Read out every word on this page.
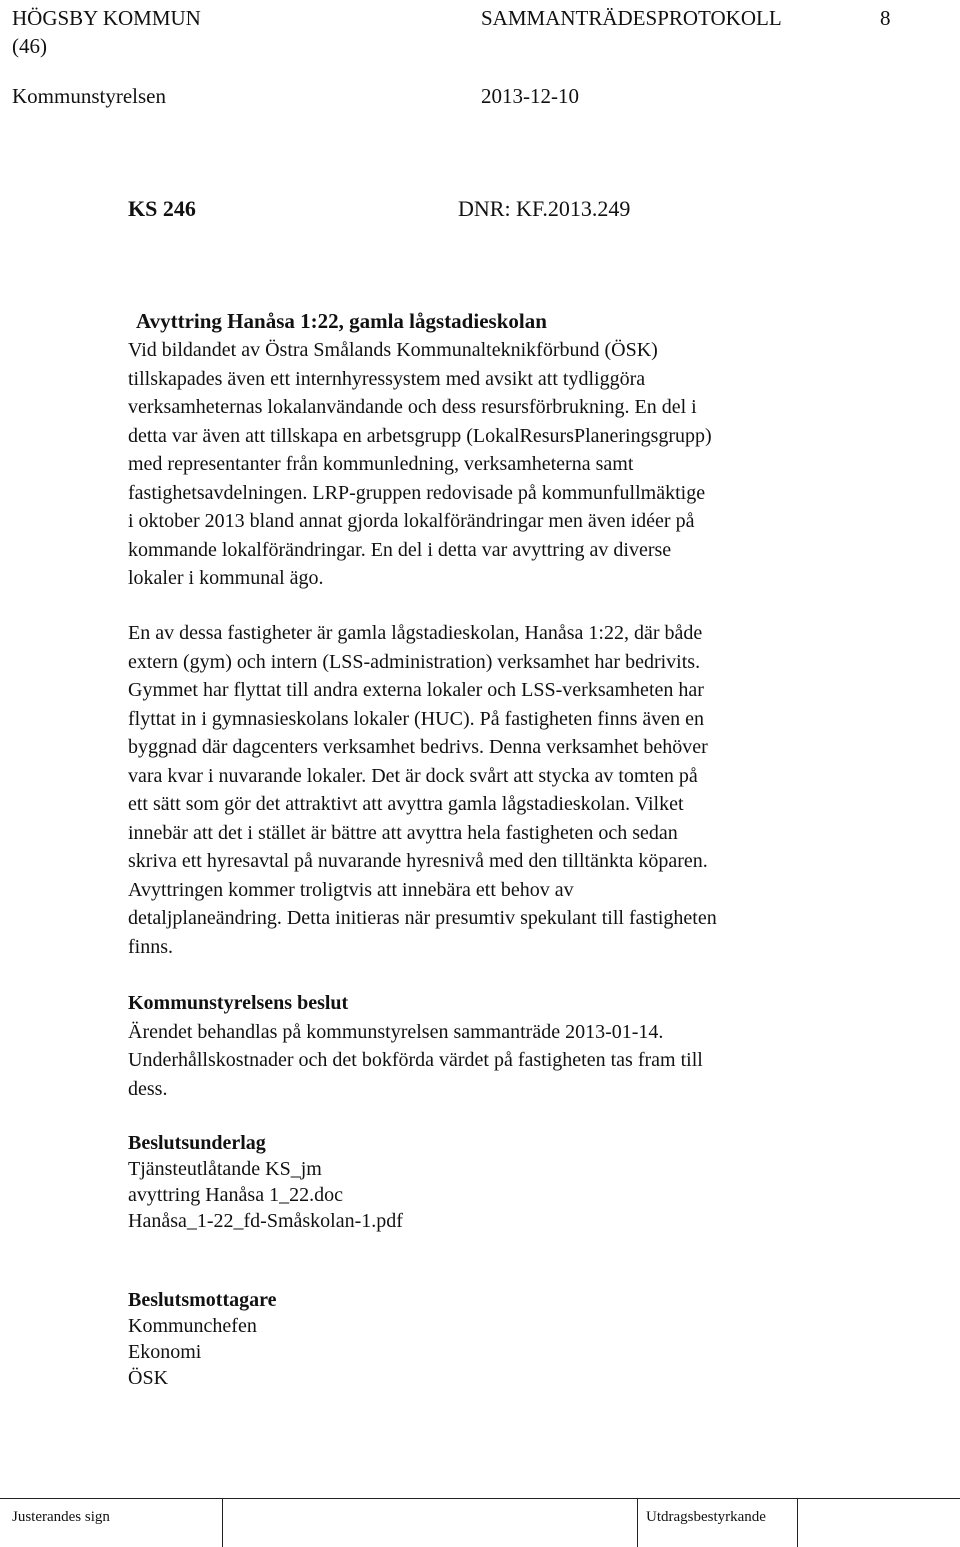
HÖGSBY KOMMUN	SAMMANTRÄDESPROTOKOLL	8
(46)
Kommunstyrelsen	2013-12-10
KS 246	DNR: KF.2013.249
Avyttring Hanåsa 1:22, gamla lågstadieskolan
Vid bildandet av Östra Smålands Kommunalteknikförbund (ÖSK)
tillskapades även ett internhyressystem med avsikt att tydliggöra
verksamheternas lokalanvändande och dess resursförbrukning. En del i
detta var även att tillskapa en arbetsgrupp (LokalResursPlaneringsgrupp)
med representanter från kommunledning, verksamheterna samt
fastighetsavdelningen. LRP-gruppen redovisade på kommunfullmäktige
i oktober 2013 bland annat gjorda lokalförändringar men även idéer på
kommande lokalförändringar. En del i detta var avyttring av diverse
lokaler i kommunal ägo.
En av dessa fastigheter är gamla lågstadieskolan, Hanåsa 1:22, där både
extern (gym) och intern (LSS-administration) verksamhet har bedrivits.
Gymmet har flyttat till andra externa lokaler och LSS-verksamheten har
flyttat in i gymnasieskolans lokaler (HUC). På fastigheten finns även en
byggnad där dagcenters verksamhet bedrivs. Denna verksamhet behöver
vara kvar i nuvarande lokaler. Det är dock svårt att stycka av tomten på
ett sätt som gör det attraktivt att avyttra gamla lågstadieskolan. Vilket
innebär att det i stället är bättre att avyttra hela fastigheten och sedan
skriva ett hyresavtal på nuvarande hyresnivå med den tilltänkta köparen.
Avyttringen kommer troligtvis att innebära ett behov av
detaljplaneändring. Detta initieras när presumtiv spekulant till fastigheten
finns.
Kommunstyrelsens beslut
Ärendet behandlas på kommunstyrelsen sammanträde 2013-01-14.
Underhållskostnader och det bokförda värdet på fastigheten tas fram till
dess.
Beslutsunderlag
Tjänsteutlåtande KS_jm
avyttring Hanåsa 1_22.doc
Hanåsa_1-22_fd-Småskolan-1.pdf
Beslutsmottagare
Kommunchefen
Ekonomi
ÖSK
Justerandes sign	Utdragsbestyrkande
